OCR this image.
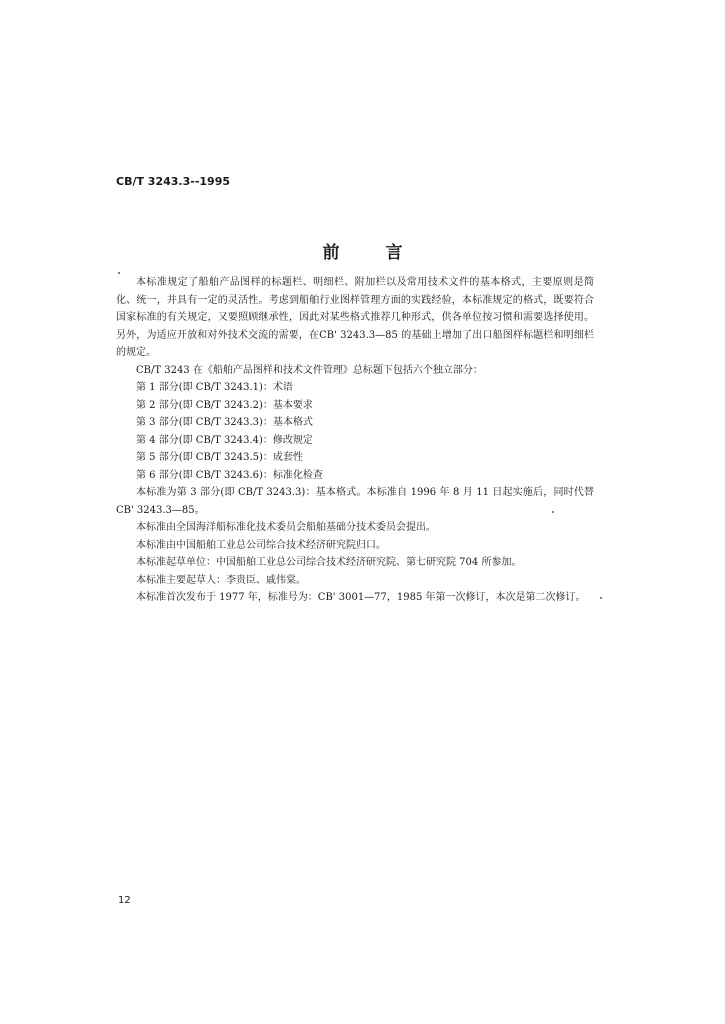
CB/T 3243.3--1995
前言

本标准规定了船舶产品图样的标题栏、明细栏、附加栏以及常用技术文件的基本格式，主要原则是简化、统一，并具有一定的灵活性。考虑到船舶行业图样管理方面的实践经验，本标准规定的格式，既要符合国家标准的有关规定，又要照顾继承性，因此对某些格式推荐几种形式，供各单位按习惯和需要选择使用。另外，为适应开放和对外技术交流的需要，在CB' 3243.3—85 的基础上增加了出口船图样标题栏和明细栏的规定。

CB/T 3243 在《船舶产品图样和技术文件管理》总标题下包括六个独立部分：

第 1 部分(即 CB/T 3243.1)：术语

第 2 部分(即 CB/T 3243.2)：基本要求

第 3 部分(即 CB/T 3243.3)：基本格式

第 4 部分(即 CB/T 3243.4)：修改规定

第 5 部分(即 CB/T 3243.5)：成套性

第 6 部分(即 CB/T 3243.6)：标准化检查

本标准为第 3 部分(即 CB/T 3243.3)：基本格式。本标准自 1996 年 8 月 11 日起实施后，同时代替CB' 3243.3—85。

本标准由全国海洋船标准化技术委员会船舶基础分技术委员会提出。

本标准由中国船舶工业总公司综合技术经济研究院归口。

本标准起草单位：中国船舶工业总公司综合技术经济研究院、第七研究院 704 所参加。

本标准主要起草人：李贵臣、戚伟棠。

本标准首次发布于 1977 年，标准号为：CB' 3001—77，1985 年第一次修订，本次是第二次修订。

12
